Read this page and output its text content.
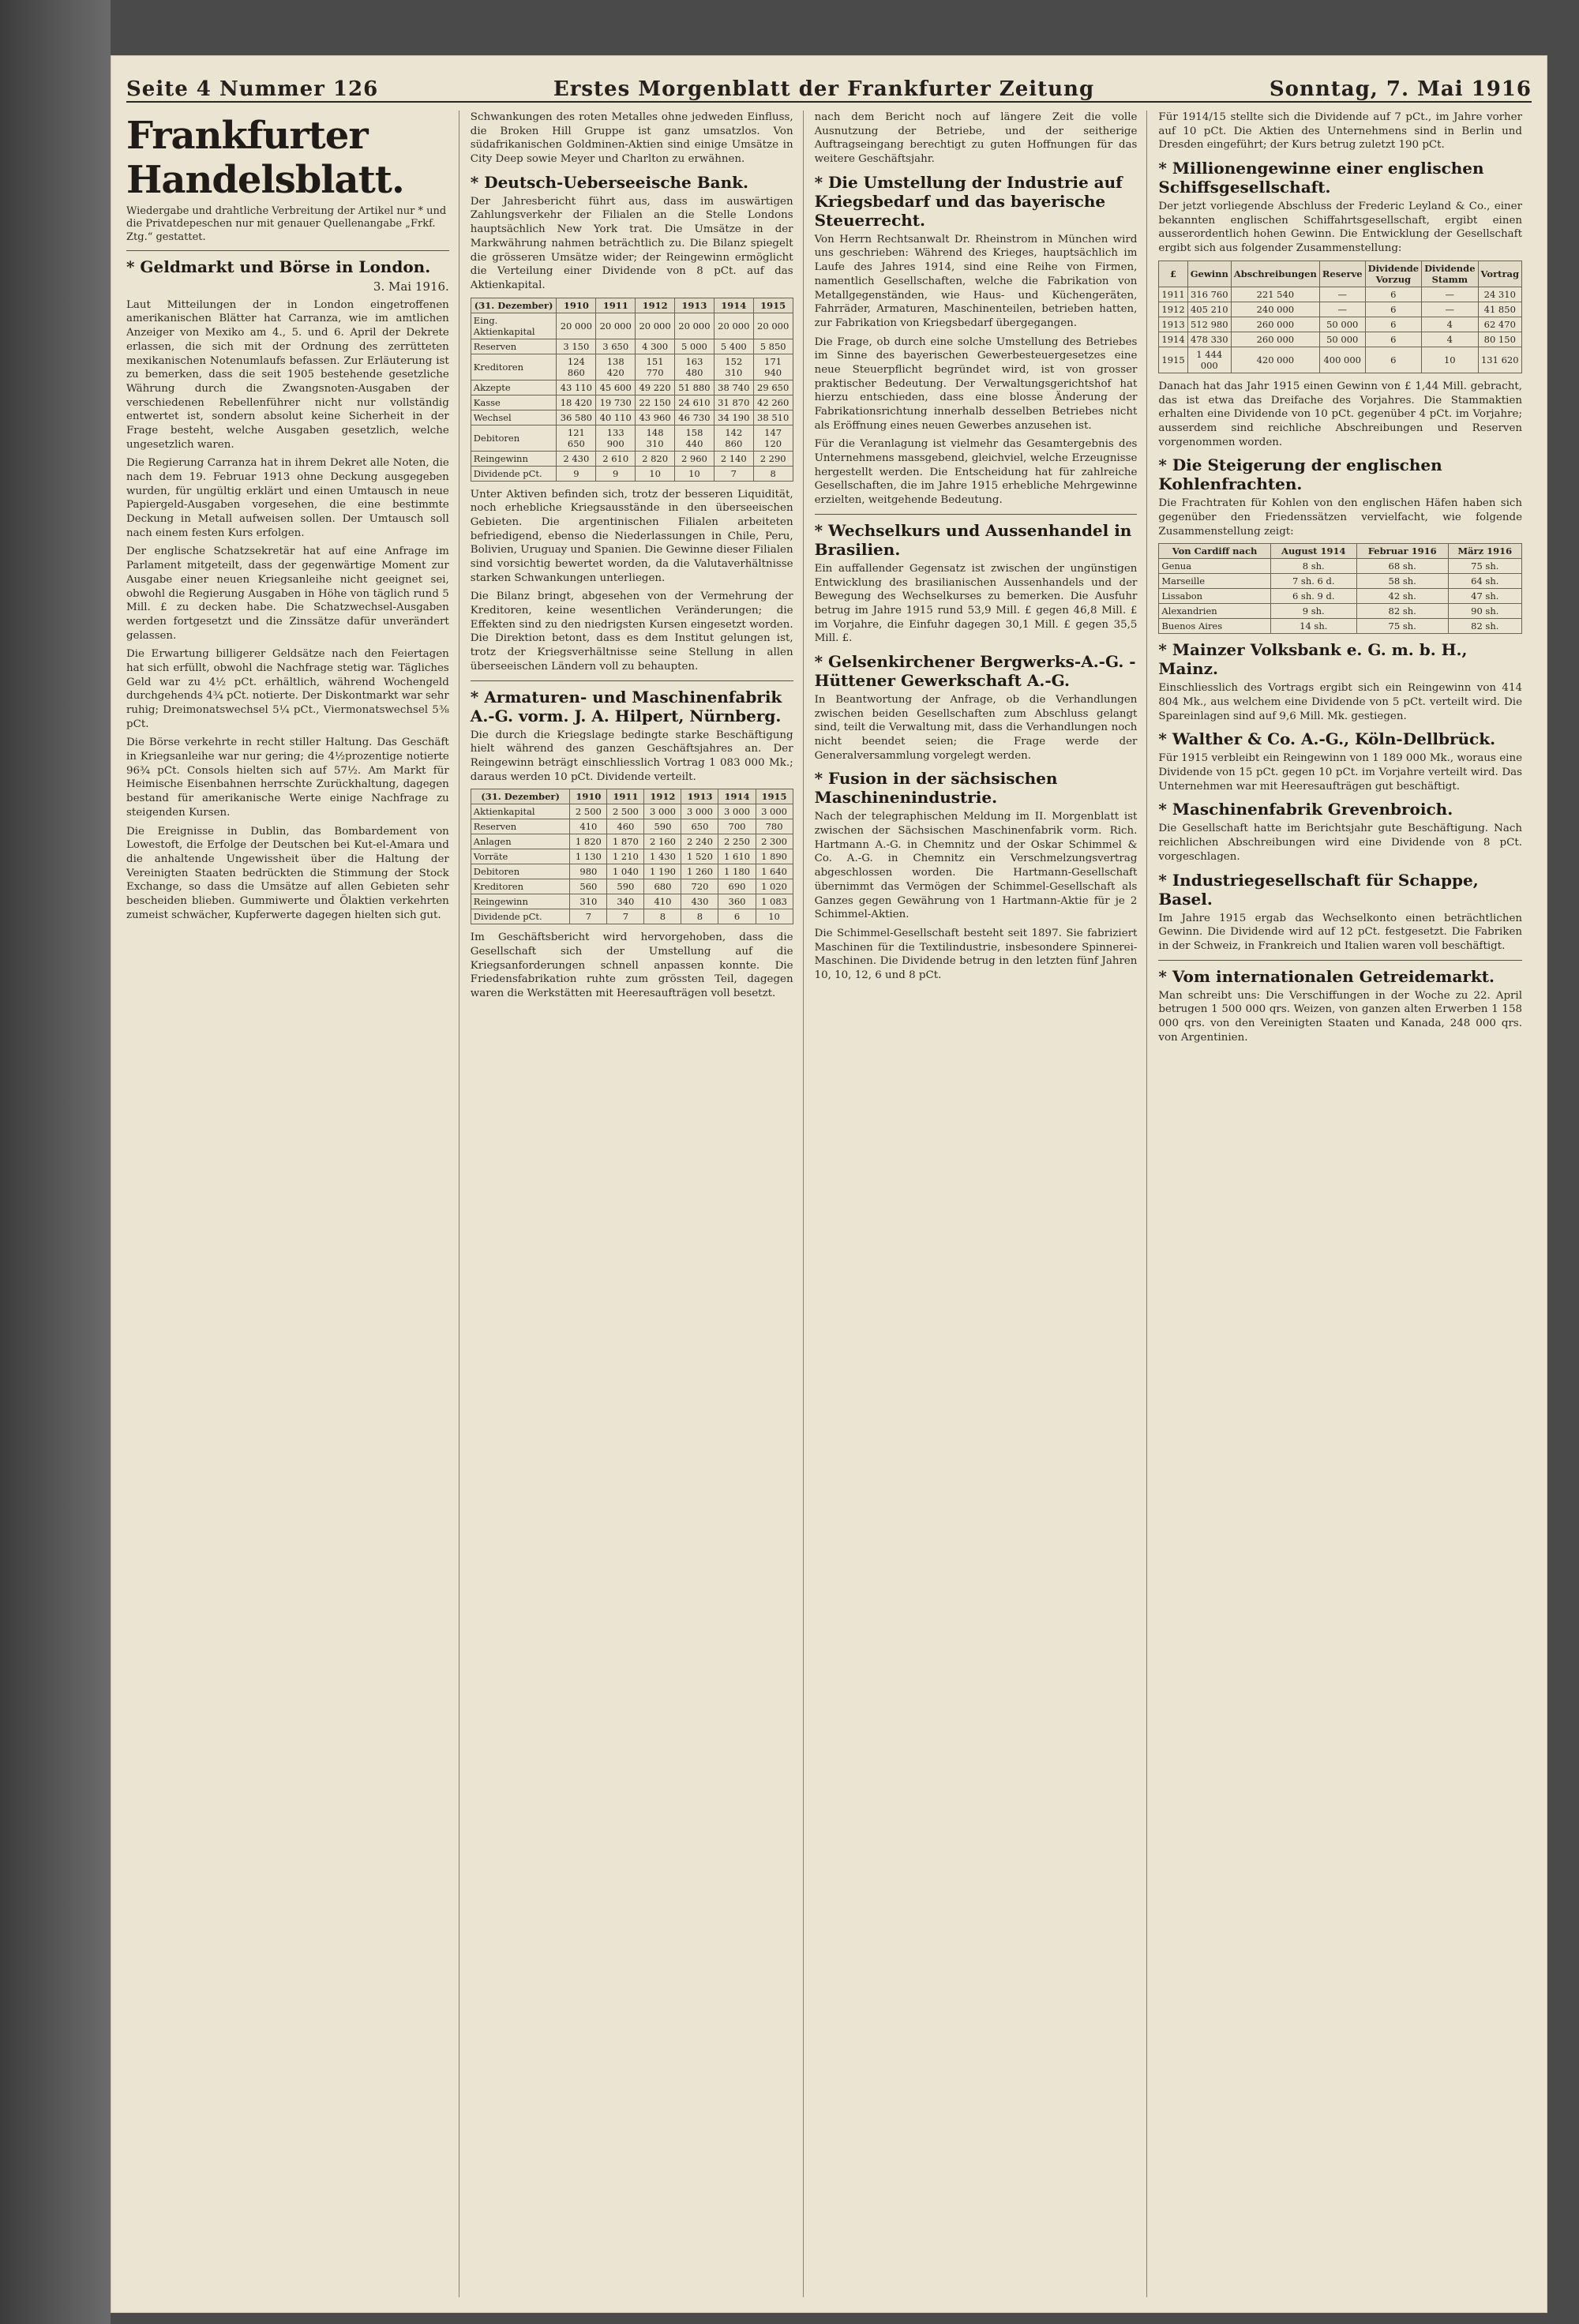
Seite 4 Nummer 126	Erstes Morgenblatt der Frankfurter Zeitung	Sonntag, 7. Mai 1916
Frankfurter Handelsblatt.
Wiedergabe und drahtliche Verbreitung der Artikel nur * und die Privatdepeschen nur mit genauer Quellenangabe „Frkf. Ztg.“ gestattet.
* Geldmarkt und Börse in London.
3. Mai 1916.

Laut Mitteilungen der in London eingetroffenen amerikanischen Blätter hat Carranza, wie im amtlichen Anzeiger von Mexiko am 4., 5. und 6. April der Dekrete erlassen, die sich mit der Ordnung des zerrütteten mexikanischen Notenumlaufs befassen. Zur Erläuterung ist zu bemerken, dass die seit 1905 bestehende gesetzliche Währung durch die Zwangsnoten-Ausgaben der verschiedenen Rebellenführer nicht nur vollständig entwertet ist, sondern absolut keine Sicherheit in der Frage besteht, welche Ausgaben gesetzlich, welche ungesetzlich waren.

Die Regierung Carranza hat in ihrem Dekret alle Noten, die nach dem 19. Februar 1913 ohne Deckung ausgegeben wurden, für ungültig erklärt und einen Umtausch in neue Papiergeld-Ausgaben vorgesehen, die eine bestimmte Deckung in Metall aufweisen sollen. Der Umtausch soll nach einem festen Kurs erfolgen.

Der englische Schatzsekretär hat auf eine Anfrage im Parlament mitgeteilt, dass der gegenwärtige Moment zur Ausgabe einer neuen Kriegsanleihe nicht geeignet sei, obwohl die Regierung Ausgaben in Höhe von täglich rund 5 Mill. £ zu decken habe. Die Schatzwechsel-Ausgaben werden fortgesetzt und die Zinssätze dafür unverändert gelassen.

Die Erwartung billigerer Geldsätze nach den Feiertagen hat sich erfüllt, obwohl die Nachfrage stetig war. Tägliches Geld war zu 4½ pCt. erhältlich, während Wochengeld durchgehends 4¾ pCt. notierte. Der Diskontmarkt war sehr ruhig; Dreimonatswechsel 5¼ pCt., Viermonatswechsel 5⅜ pCt.

Die Börse verkehrte in recht stiller Haltung. Das Geschäft in Kriegsanleihe war nur gering; die 4½prozentige notierte 96¾ pCt. Consols hielten sich auf 57½. Am Markt für Heimische Eisenbahnen herrschte Zurückhaltung, dagegen bestand für amerikanische Werte einige Nachfrage zu steigenden Kursen.

Die Ereignisse in Dublin, das Bombardement von Lowestoft, die Erfolge der Deutschen bei Kut-el-Amara und die anhaltende Ungewissheit über die Haltung der Vereinigten Staaten bedrückten die Stimmung der Stock Exchange, so dass die Umsätze auf allen Gebieten sehr bescheiden blieben. Gummiwerte und Ölaktien verkehrten zumeist schwächer, Kupferwerte dagegen hielten sich gut.

Schwankungen des roten Metalles ohne jedweden Einfluss, die Broken Hill Gruppe ist ganz umsatzlos. Von südafrikanischen Goldminen-Aktien sind einige Umsätze in City Deep sowie Meyer und Charlton zu erwähnen.

* Deutsch-Ueberseeische Bank.

Der Jahresbericht führt aus, dass im auswärtigen Zahlungsverkehr der Filialen an die Stelle Londons hauptsächlich New York trat. Die Umsätze in der Markwährung nahmen beträchtlich zu. Die Bilanz spiegelt die grösseren Umsätze wider; der Reingewinn ermöglicht die Verteilung einer Dividende von 8 pCt. auf das Aktienkapital.

(31. Dezember)	1910	1911	1912	1913	1914	1915
Eing. Aktienkapital	20 000	20 000	20 000	20 000	20 000	20 000
Reserven	3 150	3 650	4 300	5 000	5 400	5 850
Kreditoren	124 860	138 420	151 770	163 480	152 310	171 940
Akzepte	43 110	45 600	49 220	51 880	38 740	29 650
Kasse	18 420	19 730	22 150	24 610	31 870	42 260
Wechsel	36 580	40 110	43 960	46 730	34 190	38 510
Debitoren	121 650	133 900	148 310	158 440	142 860	147 120
Reingewinn	2 430	2 610	2 820	2 960	2 140	2 290
Dividende pCt.	9	9	10	10	7	8

Unter Aktiven befinden sich, trotz der besseren Liquidität, noch erhebliche Kriegsausstände in den überseeischen Gebieten. Die argentinischen Filialen arbeiteten befriedigend, ebenso die Niederlassungen in Chile, Peru, Bolivien, Uruguay und Spanien. Die Gewinne dieser Filialen sind vorsichtig bewertet worden, da die Valutaverhältnisse starken Schwankungen unterliegen.

Die Bilanz bringt, abgesehen von der Vermehrung der Kreditoren, keine wesentlichen Veränderungen; die Effekten sind zu den niedrigsten Kursen eingesetzt worden. Die Direktion betont, dass es dem Institut gelungen ist, trotz der Kriegsverhältnisse seine Stellung in allen überseeischen Ländern voll zu behaupten.

* Armaturen- und Maschinenfabrik A.-G. vorm. J. A. Hilpert, Nürnberg.

Die durch die Kriegslage bedingte starke Beschäftigung hielt während des ganzen Geschäftsjahres an. Der Reingewinn beträgt einschliesslich Vortrag 1 083 000 Mk.; daraus werden 10 pCt. Dividende verteilt.

(31. Dezember)	1910	1911	1912	1913	1914	1915
Aktienkapital	2 500	2 500	3 000	3 000	3 000	3 000
Reserven	410	460	590	650	700	780
Anlagen	1 820	1 870	2 160	2 240	2 250	2 300
Vorräte	1 130	1 210	1 430	1 520	1 610	1 890
Debitoren	980	1 040	1 190	1 260	1 180	1 640
Kreditoren	560	590	680	720	690	1 020
Reingewinn	310	340	410	430	360	1 083
Dividende pCt.	7	7	8	8	6	10

Im Geschäftsbericht wird hervorgehoben, dass die Gesellschaft sich der Umstellung auf die Kriegsanforderungen schnell anpassen konnte. Die Friedensfabrikation ruhte zum grössten Teil, dagegen waren die Werkstätten mit Heeresaufträgen voll besetzt.

nach dem Bericht noch auf längere Zeit die volle Ausnutzung der Betriebe, und der seitherige Auftragseingang berechtigt zu guten Hoffnungen für das weitere Geschäftsjahr.

* Die Umstellung der Industrie auf Kriegsbedarf und das bayerische Steuerrecht.

Von Herrn Rechtsanwalt Dr. Rheinstrom in München wird uns geschrieben: Während des Krieges, hauptsächlich im Laufe des Jahres 1914, sind eine Reihe von Firmen, namentlich Gesellschaften, welche die Fabrikation von Metallgegenständen, wie Haus- und Küchengeräten, Fahrräder, Armaturen, Maschinenteilen, betrieben hatten, zur Fabrikation von Kriegsbedarf übergegangen.

Die Frage, ob durch eine solche Umstellung des Betriebes im Sinne des bayerischen Gewerbesteuergesetzes eine neue Steuerpflicht begründet wird, ist von grosser praktischer Bedeutung. Der Verwaltungsgerichtshof hat hierzu entschieden, dass eine blosse Änderung der Fabrikationsrichtung innerhalb desselben Betriebes nicht als Eröffnung eines neuen Gewerbes anzusehen ist.

Für die Veranlagung ist vielmehr das Gesamtergebnis des Unternehmens massgebend, gleichviel, welche Erzeugnisse hergestellt werden. Die Entscheidung hat für zahlreiche Gesellschaften, die im Jahre 1915 erhebliche Mehrgewinne erzielten, weitgehende Bedeutung.

* Wechselkurs und Aussenhandel in Brasilien.

Ein auffallender Gegensatz ist zwischen der ungünstigen Entwicklung des brasilianischen Aussenhandels und der Bewegung des Wechselkurses zu bemerken. Die Ausfuhr betrug im Jahre 1915 rund 53,9 Mill. £ gegen 46,8 Mill. £ im Vorjahre, die Einfuhr dagegen 30,1 Mill. £ gegen 35,5 Mill. £.

* Gelsenkirchener Bergwerks-A.-G. - Hüttener Gewerkschaft A.-G.

In Beantwortung der Anfrage, ob die Verhandlungen zwischen beiden Gesellschaften zum Abschluss gelangt sind, teilt die Verwaltung mit, dass die Verhandlungen noch nicht beendet seien; die Frage werde der Generalversammlung vorgelegt werden.

* Fusion in der sächsischen Maschinenindustrie.

Nach der telegraphischen Meldung im II. Morgenblatt ist zwischen der Sächsischen Maschinenfabrik vorm. Rich. Hartmann A.-G. in Chemnitz und der Oskar Schimmel & Co. A.-G. in Chemnitz ein Verschmelzungsvertrag abgeschlossen worden. Die Hartmann-Gesellschaft übernimmt das Vermögen der Schimmel-Gesellschaft als Ganzes gegen Gewährung von 1 Hartmann-Aktie für je 2 Schimmel-Aktien.

Die Schimmel-Gesellschaft besteht seit 1897. Sie fabriziert Maschinen für die Textilindustrie, insbesondere Spinnerei-Maschinen. Die Dividende betrug in den letzten fünf Jahren 10, 10, 12, 6 und 8 pCt.

Für 1914/15 stellte sich die Dividende auf 7 pCt., im Jahre vorher auf 10 pCt. Die Aktien des Unternehmens sind in Berlin und Dresden eingeführt; der Kurs betrug zuletzt 190 pCt.

* Millionengewinne einer englischen Schiffsgesellschaft.

Der jetzt vorliegende Abschluss der Frederic Leyland & Co., einer bekannten englischen Schiffahrtsgesellschaft, ergibt einen ausserordentlich hohen Gewinn. Die Entwicklung der Gesellschaft ergibt sich aus folgender Zusammenstellung:

£	Gewinn	Abschreibungen	Reserve	Dividende Vorzug	Dividende Stamm	Vortrag
1911	316 760	221 540	—	6	—	24 310
1912	405 210	240 000	—	6	—	41 850
1913	512 980	260 000	50 000	6	4	62 470
1914	478 330	260 000	50 000	6	4	80 150
1915	1 444 000	420 000	400 000	6	10	131 620

Danach hat das Jahr 1915 einen Gewinn von £ 1,44 Mill. gebracht, das ist etwa das Dreifache des Vorjahres. Die Stammaktien erhalten eine Dividende von 10 pCt. gegenüber 4 pCt. im Vorjahre; ausserdem sind reichliche Abschreibungen und Reserven vorgenommen worden.

* Die Steigerung der englischen Kohlenfrachten.

Die Frachtraten für Kohlen von den englischen Häfen haben sich gegenüber den Friedenssätzen vervielfacht, wie folgende Zusammenstellung zeigt:

Von Cardiff nach	August 1914	Februar 1916	März 1916
Genua	8 sh.	68 sh.	75 sh.
Marseille	7 sh. 6 d.	58 sh.	64 sh.
Lissabon	6 sh. 9 d.	42 sh.	47 sh.
Alexandrien	9 sh.	82 sh.	90 sh.
Buenos Aires	14 sh.	75 sh.	82 sh.
* Mainzer Volksbank e. G. m. b. H., Mainz.

Einschliesslich des Vortrags ergibt sich ein Reingewinn von 414 804 Mk., aus welchem eine Dividende von 5 pCt. verteilt wird. Die Spareinlagen sind auf 9,6 Mill. Mk. gestiegen.

* Walther & Co. A.-G., Köln-Dellbrück.

Für 1915 verbleibt ein Reingewinn von 1 189 000 Mk., woraus eine Dividende von 15 pCt. gegen 10 pCt. im Vorjahre verteilt wird. Das Unternehmen war mit Heeresaufträgen gut beschäftigt.

* Maschinenfabrik Grevenbroich.

Die Gesellschaft hatte im Berichtsjahr gute Beschäftigung. Nach reichlichen Abschreibungen wird eine Dividende von 8 pCt. vorgeschlagen.

* Industriegesellschaft für Schappe, Basel.

Im Jahre 1915 ergab das Wechselkonto einen beträchtlichen Gewinn. Die Dividende wird auf 12 pCt. festgesetzt. Die Fabriken in der Schweiz, in Frankreich und Italien waren voll beschäftigt.

* Vom internationalen Getreidemarkt.

Man schreibt uns: Die Verschiffungen in der Woche zu 22. April betrugen 1 500 000 qrs. Weizen, von ganzen alten Erwerben 1 158 000 qrs. von den Vereinigten Staaten und Kanada, 248 000 qrs. von Argentinien.
